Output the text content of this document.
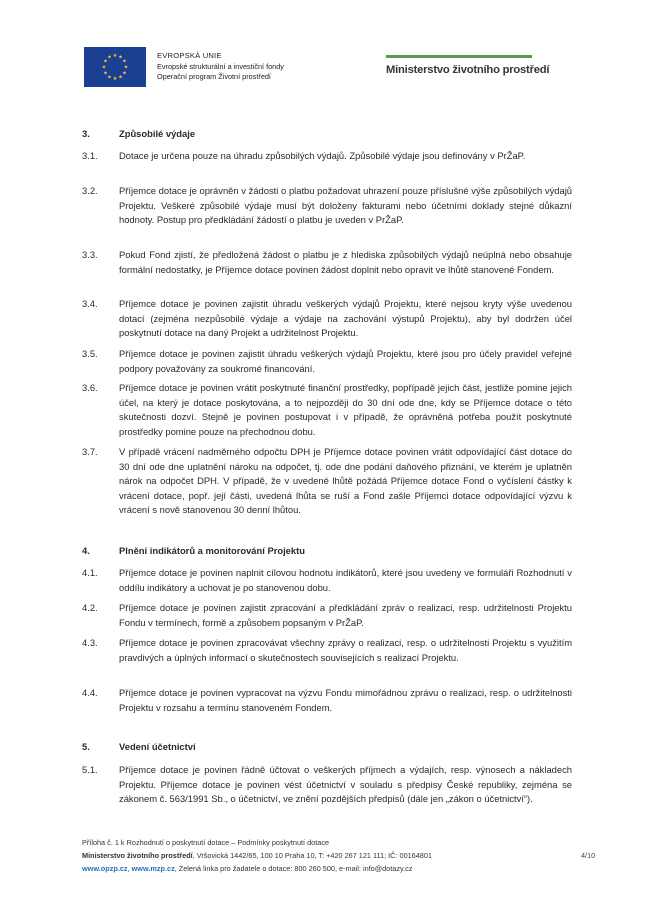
★ ★
★
★
★
★
★
★
★
★
★
★	EVROPSKÁ UNIE
Evropské strukturální a investiční fondy
Operační program Životní prostředí
Ministerstvo životního prostředí
3.	Způsobilé výdaje
3.1. Dotace je určena pouze na úhradu způsobilých výdajů. Způsobilé výdaje jsou definovány v PrŽaP.
3.2. Příjemce dotace je oprávněn v žádosti o platbu požadovat uhrazení pouze příslušné výše způsobilých výdajů Projektu. Veškeré způsobilé výdaje musí být doloženy fakturami nebo účetními doklady stejné důkazní hodnoty. Postup pro předkládání žádostí o platbu je uveden v PrŽaP.
3.3. Pokud Fond zjistí, že předložená žádost o platbu je z hlediska způsobilých výdajů neúplná nebo obsahuje formální nedostatky, je Příjemce dotace povinen žádost doplnit nebo opravit ve lhůtě stanovené Fondem.
3.4. Příjemce dotace je povinen zajistit úhradu veškerých výdajů Projektu, které nejsou kryty výše uvedenou dotací (zejména nezpůsobilé výdaje a výdaje na zachování výstupů Projektu), aby byl dodržen účel poskytnutí dotace na daný Projekt a udržitelnost Projektu.
3.5. Příjemce dotace je povinen zajistit úhradu veškerých výdajů Projektu, které jsou pro účely pravidel veřejné podpory považovány za soukromé financování.
3.6. Příjemce dotace je povinen vrátit poskytnuté finanční prostředky, popřípadě jejich část, jestliže pomine jejich účel, na který je dotace poskytována, a to nejpozději do 30 dní ode dne, kdy se Příjemce dotace o této skutečnosti dozví. Stejně je povinen postupovat i v případě, že oprávněná potřeba použít poskytnuté prostředky pomine pouze na přechodnou dobu.
3.7. V případě vrácení nadměrného odpočtu DPH je Příjemce dotace povinen vrátit odpovídající část dotace do 30 dní ode dne uplatnění nároku na odpočet, tj. ode dne podání daňového přiznání, ve kterém je uplatněn nárok na odpočet DPH. V případě, že v uvedené lhůtě požádá Příjemce dotace Fond o vyčíslení částky k vrácení dotace, popř. její části, uvedená lhůta se ruší a Fond zašle Příjemci dotace odpovídající výzvu k vrácení s nově stanovenou 30 denní lhůtou.
4.	Plnění indikátorů a monitorování Projektu
4.1. Příjemce dotace je povinen naplnit cílovou hodnotu indikátorů, které jsou uvedeny ve formuláři Rozhodnutí v oddílu indikátory a uchovat je po stanovenou dobu.
4.2. Příjemce dotace je povinen zajistit zpracování a předkládání zpráv o realizaci, resp. udržitelnosti Projektu Fondu v termínech, formě a způsobem popsaným v PrŽaP.
4.3. Příjemce dotace je povinen zpracovávat všechny zprávy o realizaci, resp. o udržitelnosti Projektu s využitím pravdivých a úplných informací o skutečnostech souvisejících s realizací Projektu.
4.4. Příjemce dotace je povinen vypracovat na výzvu Fondu mimořádnou zprávu o realizaci, resp. o udržitelnosti Projektu v rozsahu a termínu stanoveném Fondem.
5.	Vedení účetnictví
5.1. Příjemce dotace je povinen řádně účtovat o veškerých příjmech a výdajích, resp. výnosech a nákladech Projektu. Příjemce dotace je povinen vést účetnictví v souladu s předpisy České republiky, zejména se zákonem č. 563/1991 Sb., o účetnictví, ve znění pozdějších předpisů (dále jen „zákon o účetnictví“).
Příloha č. 1 k Rozhodnutí o poskytnutí dotace – Podmínky poskytnutí dotace
Ministerstvo životního prostředí, Vršovická 1442/65, 100 10 Praha 10, T: +420 267 121 111; IČ: 00164801
www.opzp.cz, www.mzp.cz, Zelená linka pro žadatele o dotace: 800 260 500, e-mail: info@dotazy.cz
4/10
